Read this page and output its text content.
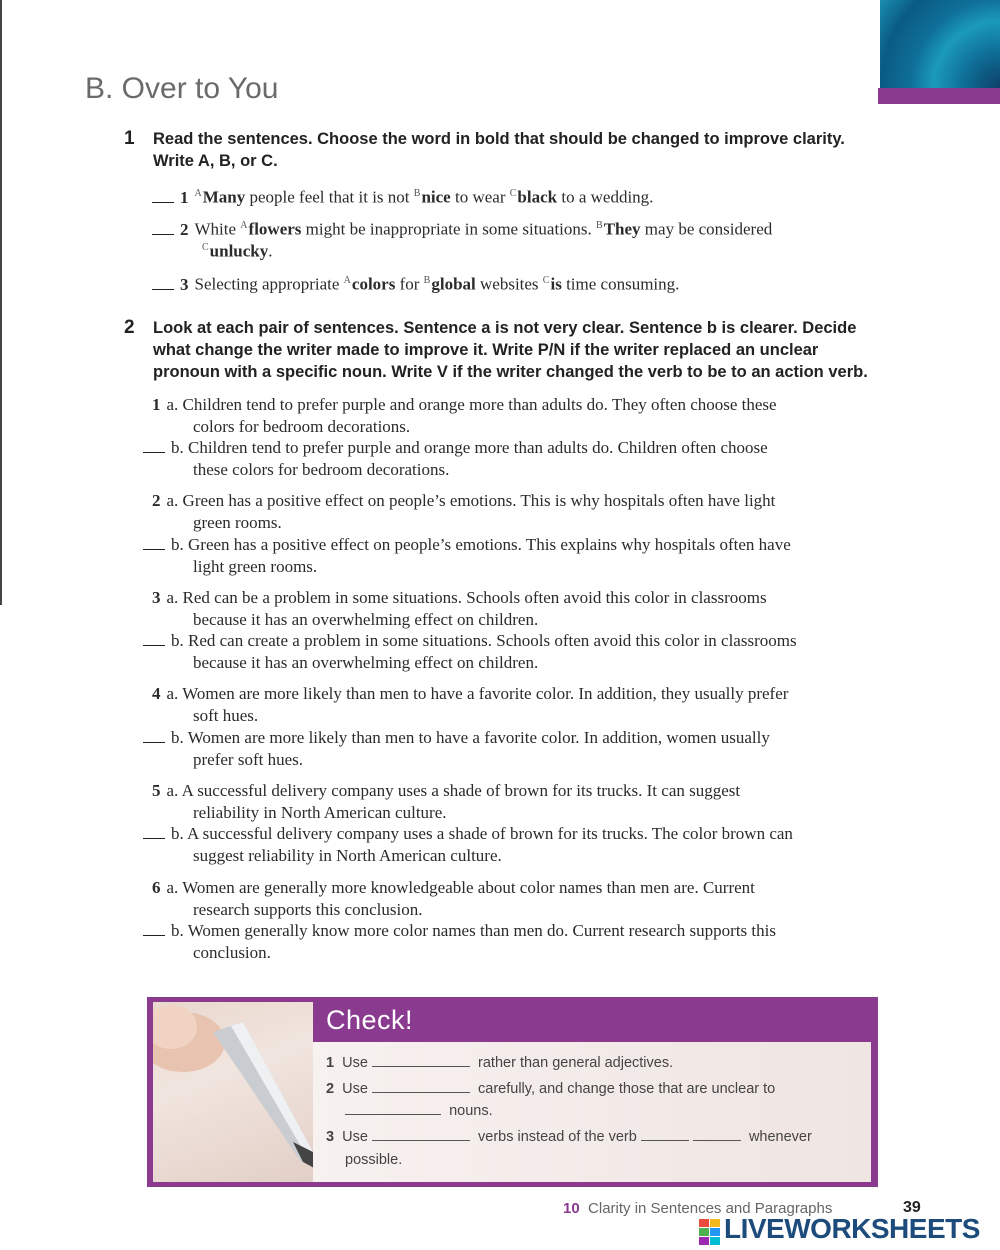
B. Over to You
1 Read the sentences. Choose the word in bold that should be changed to improve clarity.
Write A, B, or C.
1 $^A$Many people feel that it is not $^B$nice to wear $^C$black to a wedding.
2 White $^A$flowers might be inappropriate in some situations. $^B$They may be considered
$^C$unlucky.
3 Selecting appropriate $^A$colors for $^B$global websites $^C$is time consuming.
2 Look at each pair of sentences. Sentence a is not very clear. Sentence b is clearer. Decide
what change the writer made to improve it. Write P/N if the writer replaced an unclear
pronoun with a specific noun. Write V if the writer changed the verb to be to an action verb.
1 a. Children tend to prefer purple and orange more than adults do. They often choose these
colors for bedroom decorations.
b. Children tend to prefer purple and orange more than adults do. Children often choose
these colors for bedroom decorations.
2 a. Green has a positive effect on people’s emotions. This is why hospitals often have light
green rooms.
b. Green has a positive effect on people’s emotions. This explains why hospitals often have
light green rooms.
3 a. Red can be a problem in some situations. Schools often avoid this color in classrooms
because it has an overwhelming effect on children.
b. Red can create a problem in some situations. Schools often avoid this color in classrooms
because it has an overwhelming effect on children.
4 a. Women are more likely than men to have a favorite color. In addition, they usually prefer
soft hues.
b. Women are more likely than men to have a favorite color. In addition, women usually
prefer soft hues.
5 a. A successful delivery company uses a shade of brown for its trucks. It can suggest
reliability in North American culture.
b. A successful delivery company uses a shade of brown for its trucks. The color brown can
suggest reliability in North American culture.
6 a. Women are generally more knowledgeable about color names than men are. Current
research supports this conclusion.
b. Women generally know more color names than men do. Current research supports this
conclusion.
Check!
1 Use	rather than general adjectives.
2 Use	carefully, and change those that are unclear to
nouns.
3 Use	verbs instead of the verb	whenever
possible.
10 Clarity in Sentences and Paragraphs	39
LIVEWORKSHEETS
